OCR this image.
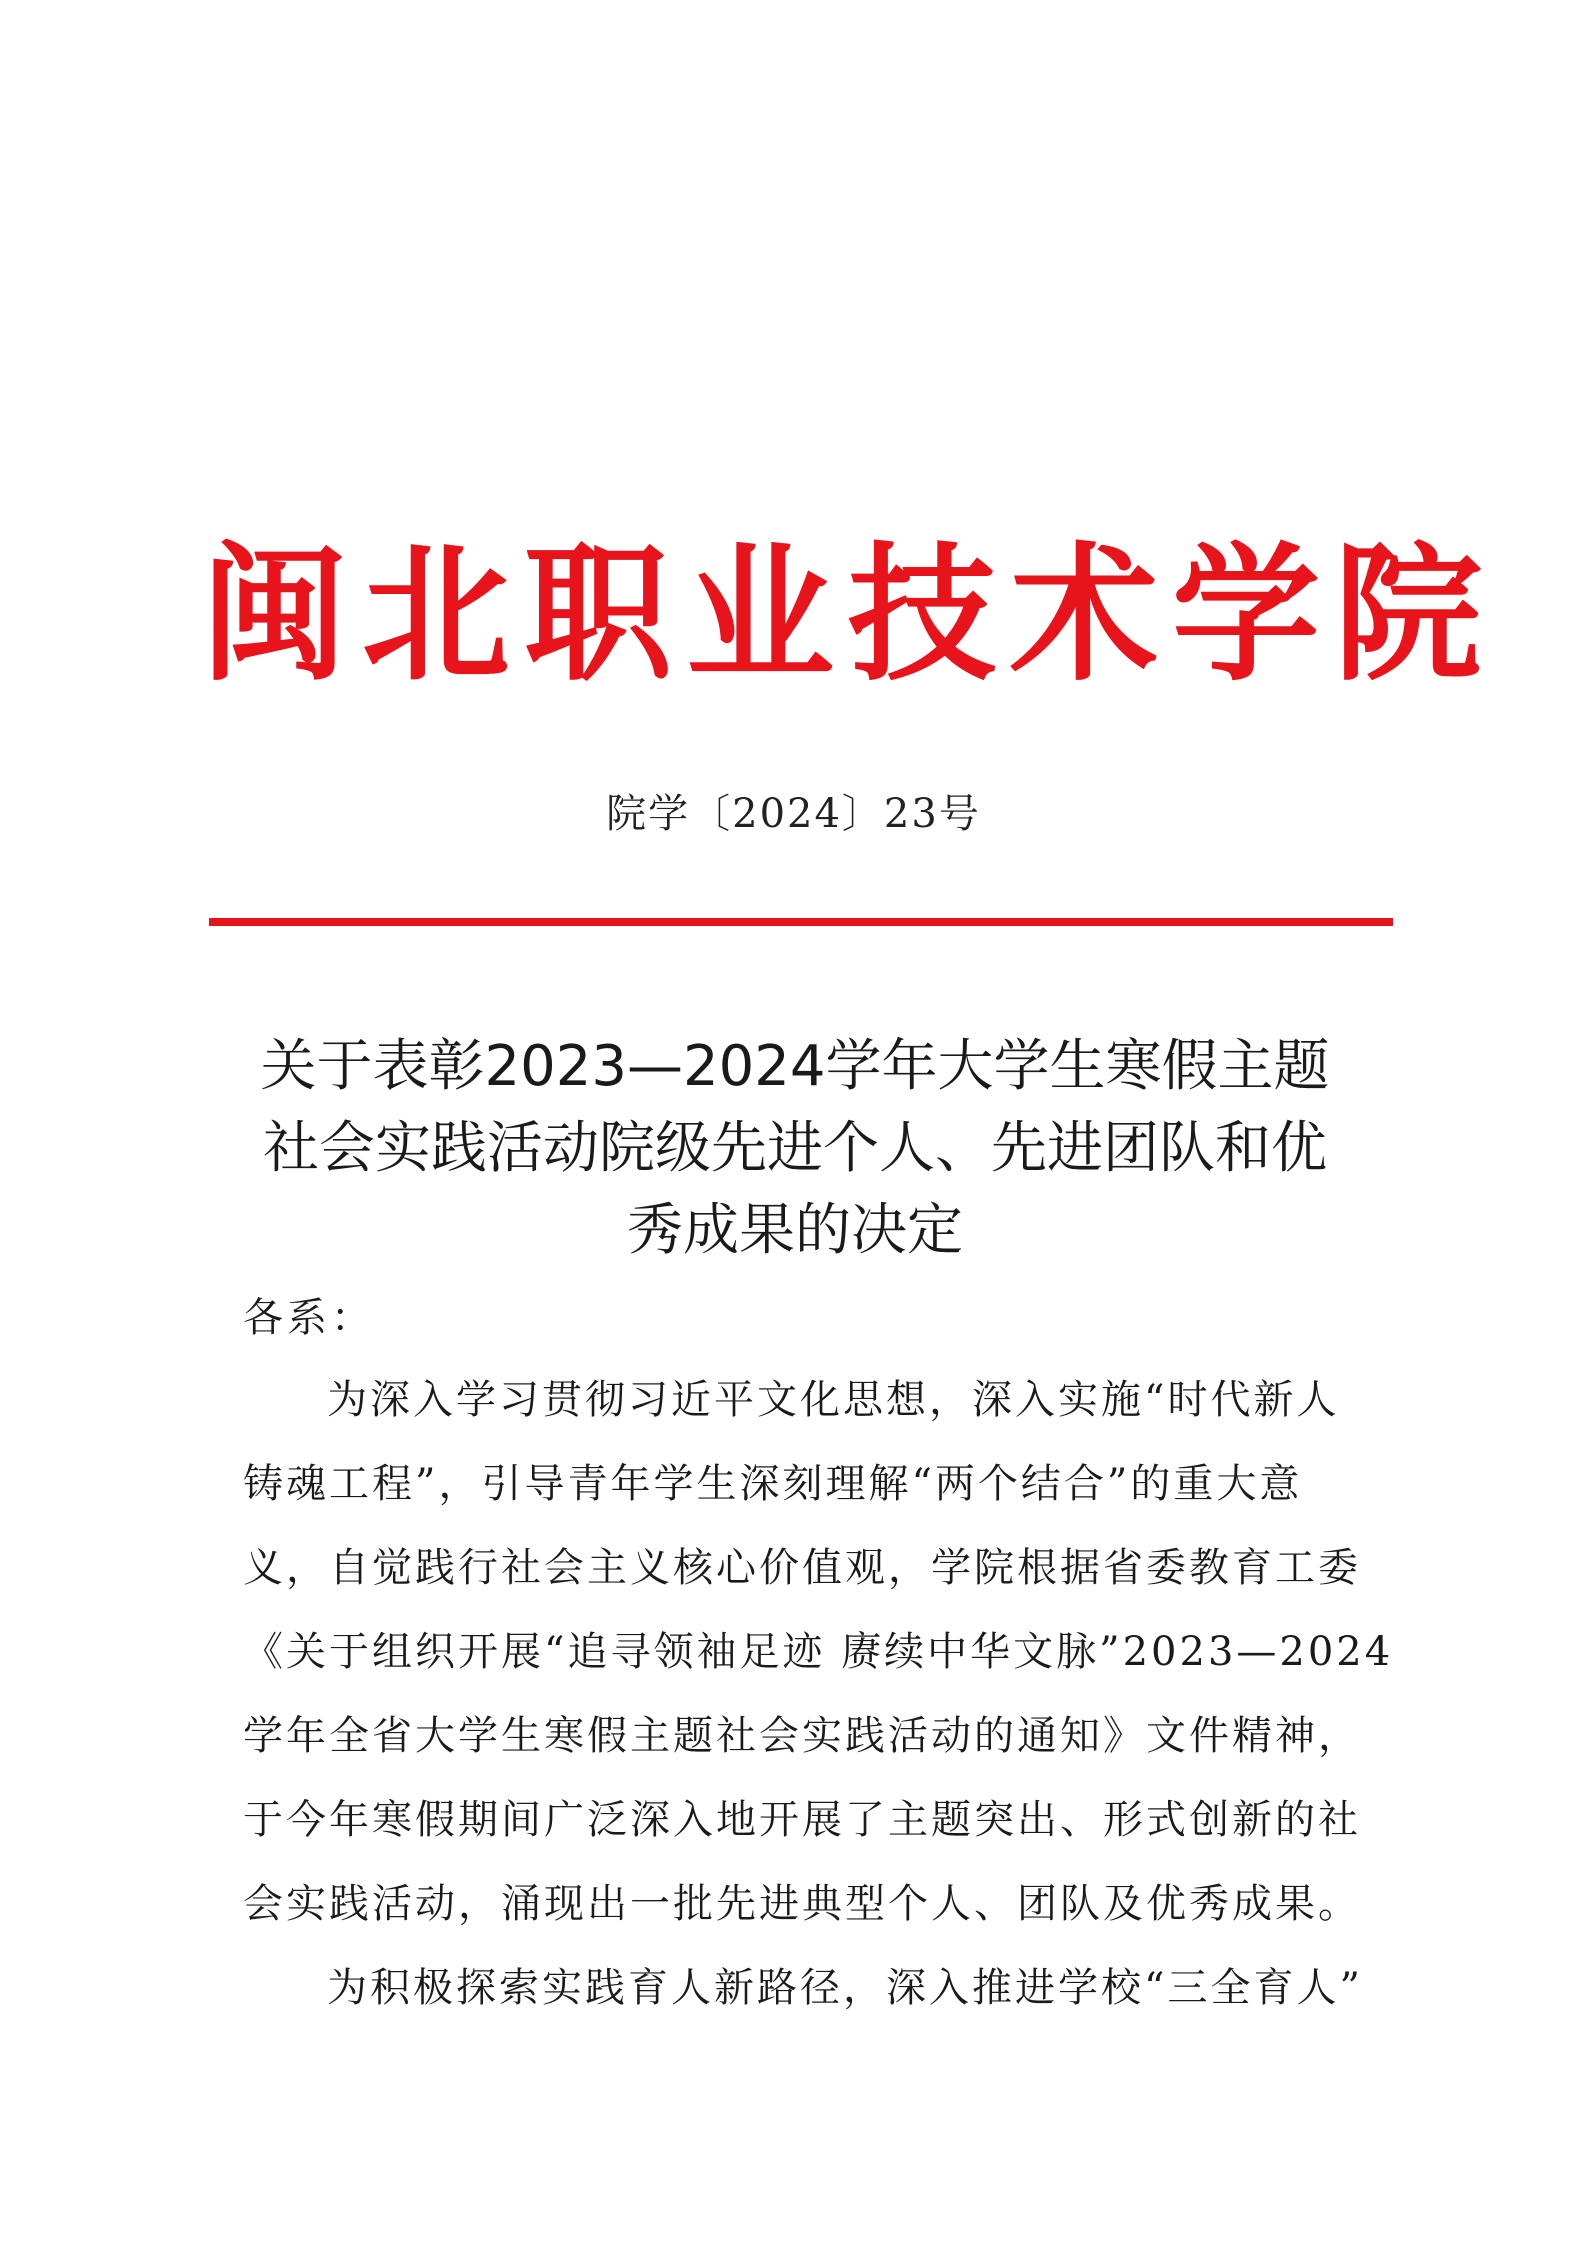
闽北职业技术学院
院学〔2024〕23号
关于表彰2023—2024学年大学生寒假主题
社会实践活动院级先进个人、先进团队和优
秀成果的决定
各系：
为深入学习贯彻习近平文化思想，深入实施“时代新人
铸魂工程”，引导青年学生深刻理解“两个结合”的重大意
义，自觉践行社会主义核心价值观，学院根据省委教育工委
《关于组织开展“追寻领袖足迹 赓续中华文脉”2023—2024
学年全省大学生寒假主题社会实践活动的通知》文件精神，
于今年寒假期间广泛深入地开展了主题突出、形式创新的社
会实践活动，涌现出一批先进典型个人、团队及优秀成果。
为积极探索实践育人新路径，深入推进学校“三全育人”
